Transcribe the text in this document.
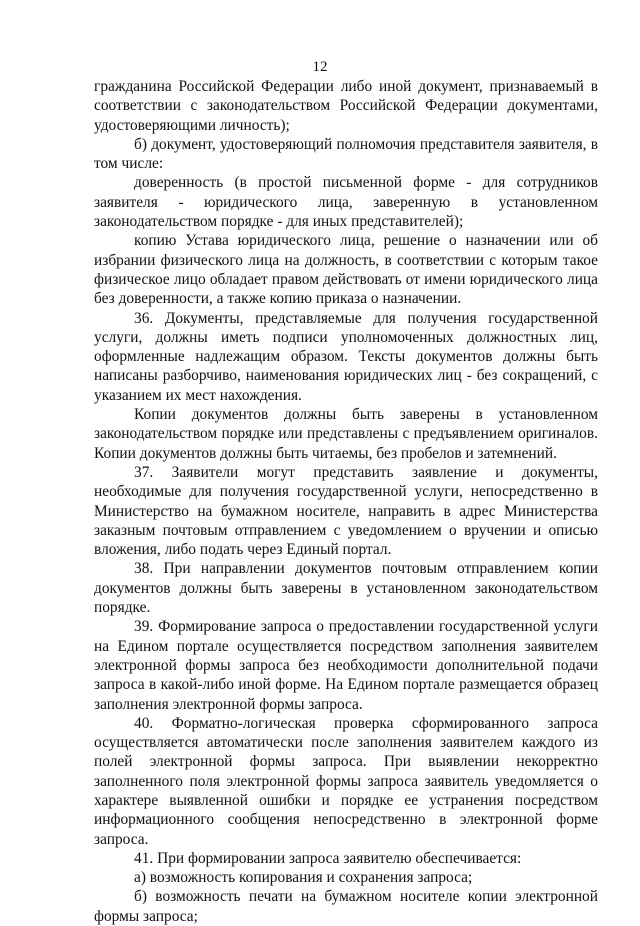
12

гражданина Российской Федерации либо иной документ, признаваемый в соответствии с законодательством Российской Федерации документами, удостоверяющими личность);

б) документ, удостоверяющий полномочия представителя заявителя, в том числе:

доверенность (в простой письменной форме - для сотрудников заявителя - юридического лица, заверенную в установленном законодательством порядке - для иных представителей);

копию Устава юридического лица, решение о назначении или об избрании физического лица на должность, в соответствии с которым такое физическое лицо обладает правом действовать от имени юридического лица без доверенности, а также копию приказа о назначении.

36. Документы, представляемые для получения государственной услуги, должны иметь подписи уполномоченных должностных лиц, оформленные надлежащим образом. Тексты документов должны быть написаны разборчиво, наименования юридических лиц - без сокращений, с указанием их мест нахождения.

Копии документов должны быть заверены в установленном законодательством порядке или представлены с предъявлением оригиналов. Копии документов должны быть читаемы, без пробелов и затемнений.

37. Заявители могут представить заявление и документы, необходимые для получения государственной услуги, непосредственно в Министерство на бумажном носителе, направить в адрес Министерства заказным почтовым отправлением с уведомлением о вручении и описью вложения, либо подать через Единый портал.

38. При направлении документов почтовым отправлением копии документов должны быть заверены в установленном законодательством порядке.

39. Формирование запроса о предоставлении государственной услуги на Едином портале осуществляется посредством заполнения заявителем электронной формы запроса без необходимости дополнительной подачи запроса в какой-либо иной форме. На Едином портале размещается образец заполнения электронной формы запроса.

40. Форматно-логическая проверка сформированного запроса осуществляется автоматически после заполнения заявителем каждого из полей электронной формы запроса. При выявлении некорректно заполненного поля электронной формы запроса заявитель уведомляется о характере выявленной ошибки и порядке ее устранения посредством информационного сообщения непосредственно в электронной форме запроса.

41. При формировании запроса заявителю обеспечивается:

а) возможность копирования и сохранения запроса;

б) возможность печати на бумажном носителе копии электронной формы запроса;
